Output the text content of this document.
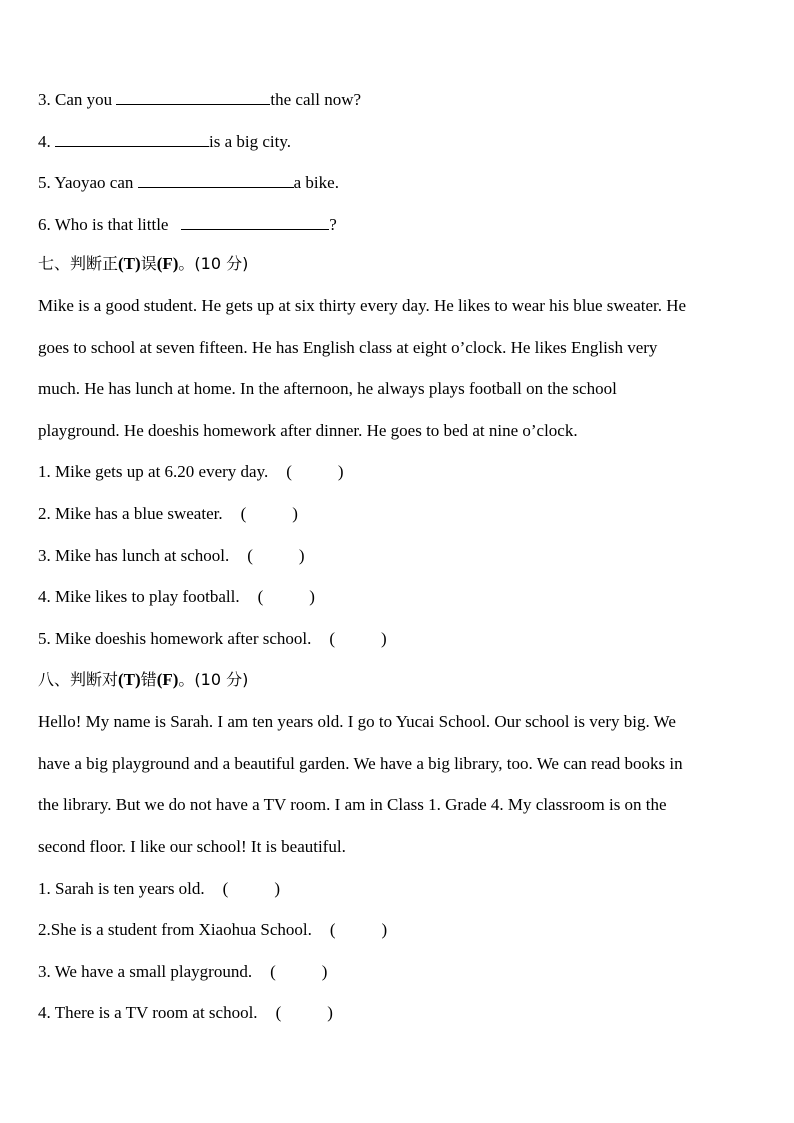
3. Can you	the call now?
4.	is a big city.
5. Yaoyao can	a bike.
6. Who is that little	?
七、判断正(T)误(F)。(10 分)
Mike is a good student. He gets up at six thirty every day. He likes to wear his blue sweater. He
goes to school at seven fifteen. He has English class at eight o’clock. He likes English very
much. He has lunch at home. In the afternoon, he always plays football on the school
playground. He doeshis homework after dinner. He goes to bed at nine o’clock.
1. Mike gets up at 6.20 every day. (	)
2. Mike has a blue sweater. (	)
3. Mike has lunch at school. (	)
4. Mike likes to play football. (	)
5. Mike doeshis homework after school. (	)
八、判断对(T)错(F)。(10 分)
Hello! My name is Sarah. I am ten years old. I go to Yucai School. Our school is very big. We
have a big playground and a beautiful garden. We have a big library, too. We can read books in
the library. But we do not have a TV room. I am in Class 1. Grade 4. My classroom is on the
second floor. I like our school! It is beautiful.
1. Sarah is ten years old. (	)
2.She is a student from Xiaohua School. (	)
3. We have a small playground. (	)
4. There is a TV room at school. (	)
